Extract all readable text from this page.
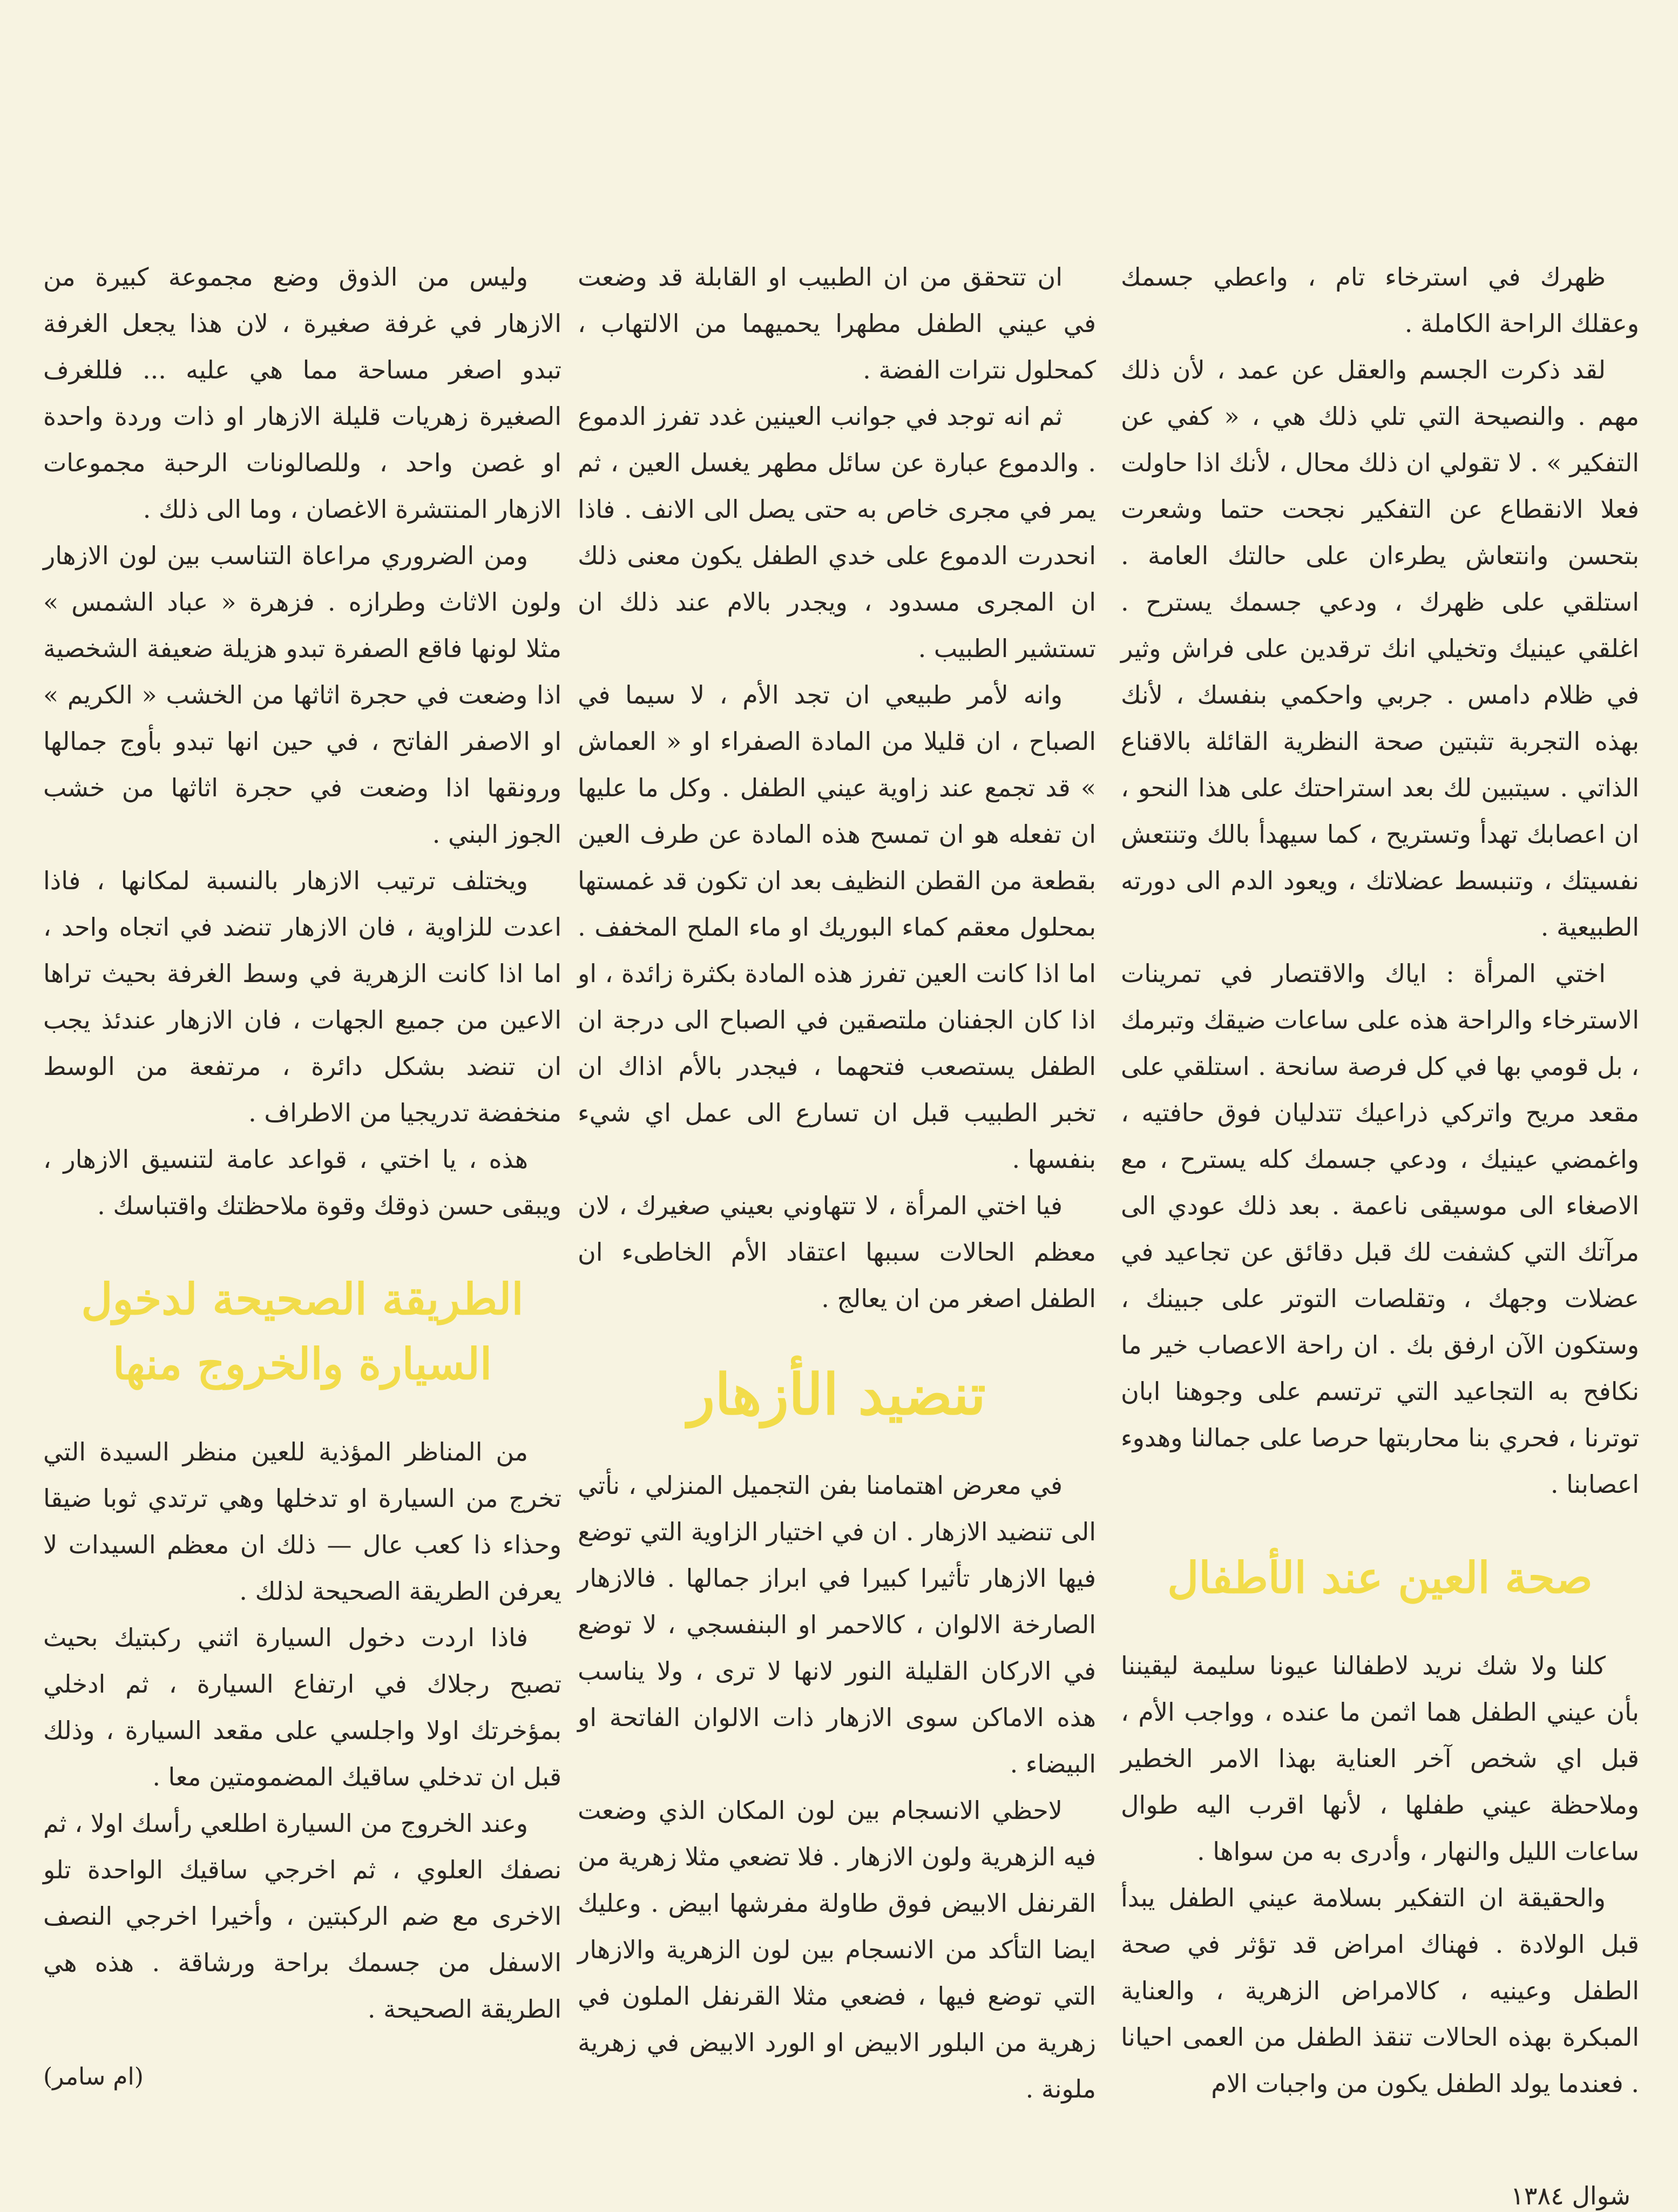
ظهرك في استرخاء تام ، واعطي جسمك وعقلك الراحة الكاملة .

لقد ذكرت الجسم والعقل عن عمد ، لأن ذلك مهم . والنصيحة التي تلي ذلك هي ، « كفي عن التفكير » . لا تقولي ان ذلك محال ، لأنك اذا حاولت فعلا الانقطاع عن التفكير نجحت حتما وشعرت بتحسن وانتعاش يطرءان على حالتك العامة . استلقي على ظهرك ، ودعي جسمك يسترح . اغلقي عينيك وتخيلي انك ترقدين على فراش وثير في ظلام دامس . جربي واحكمي بنفسك ، لأنك بهذه التجربة تثبتين صحة النظرية القائلة بالاقناع الذاتي . سيتبين لك بعد استراحتك على هذا النحو ، ان اعصابك تهدأ وتستريح ، كما سيهدأ بالك وتنتعش نفسيتك ، وتنبسط عضلاتك ، ويعود الدم الى دورته الطبيعية .

اختي المرأة : اياك والاقتصار في تمرينات الاسترخاء والراحة هذه على ساعات ضيقك وتبرمك ، بل قومي بها في كل فرصة سانحة . استلقي على مقعد مريح واتركي ذراعيك تتدليان فوق حافتيه ، واغمضي عينيك ، ودعي جسمك كله يسترح ، مع الاصغاء الى موسيقى ناعمة . بعد ذلك عودي الى مرآتك التي كشفت لك قبل دقائق عن تجاعيد في عضلات وجهك ، وتقلصات التوتر على جبينك ، وستكون الآن ارفق بك . ان راحة الاعصاب خير ما نكافح به التجاعيد التي ترتسم على وجوهنا ابان توترنا ، فحري بنا محاربتها حرصا على جمالنا وهدوء اعصابنا .

صحة العين عند الأطفال

كلنا ولا شك نريد لاطفالنا عيونا سليمة ليقيننا بأن عيني الطفل هما اثمن ما عنده ، وواجب الأم ، قبل اي شخص آخر العناية بهذا الامر الخطير وملاحظة عيني طفلها ، لأنها اقرب اليه طوال ساعات الليل والنهار ، وأدرى به من سواها .

والحقيقة ان التفكير بسلامة عيني الطفل يبدأ قبل الولادة . فهناك امراض قد تؤثر في صحة الطفل وعينيه ، كالامراض الزهرية ، والعناية المبكرة بهذه الحالات تنقذ الطفل من العمى احيانا . فعندما يولد الطفل يكون من واجبات الام

ان تتحقق من ان الطبيب او القابلة قد وضعت في عيني الطفل مطهرا يحميهما من الالتهاب ، كمحلول نترات الفضة .

ثم انه توجد في جوانب العينين غدد تفرز الدموع . والدموع عبارة عن سائل مطهر يغسل العين ، ثم يمر في مجرى خاص به حتى يصل الى الانف . فاذا انحدرت الدموع على خدي الطفل يكون معنى ذلك ان المجرى مسدود ، ويجدر بالام عند ذلك ان تستشير الطبيب .

وانه لأمر طبيعي ان تجد الأم ، لا سيما في الصباح ، ان قليلا من المادة الصفراء او « العماش » قد تجمع عند زاوية عيني الطفل . وكل ما عليها ان تفعله هو ان تمسح هذه المادة عن طرف العين بقطعة من القطن النظيف بعد ان تكون قد غمستها بمحلول معقم كماء البوريك او ماء الملح المخفف . اما اذا كانت العين تفرز هذه المادة بكثرة زائدة ، او اذا كان الجفنان ملتصقين في الصباح الى درجة ان الطفل يستصعب فتحهما ، فيجدر بالأم اذاك ان تخبر الطبيب قبل ان تسارع الى عمل اي شيء بنفسها .

فيا اختي المرأة ، لا تتهاوني بعيني صغيرك ، لان معظم الحالات سببها اعتقاد الأم الخاطىء ان الطفل اصغر من ان يعالج .

تنضيد الأزهار

في معرض اهتمامنا بفن التجميل المنزلي ، نأتي الى تنضيد الازهار . ان في اختيار الزاوية التي توضع فيها الازهار تأثيرا كبيرا في ابراز جمالها . فالازهار الصارخة الالوان ، كالاحمر او البنفسجي ، لا توضع في الاركان القليلة النور لانها لا ترى ، ولا يناسب هذه الاماكن سوى الازهار ذات الالوان الفاتحة او البيضاء .

لاحظي الانسجام بين لون المكان الذي وضعت فيه الزهرية ولون الازهار . فلا تضعي مثلا زهرية من القرنفل الابيض فوق طاولة مفرشها ابيض . وعليك ايضا التأكد من الانسجام بين لون الزهرية والازهار التي توضع فيها ، فضعي مثلا القرنفل الملون في زهرية من البلور الابيض او الورد الابيض في زهرية ملونة .

وليس من الذوق وضع مجموعة كبيرة من الازهار في غرفة صغيرة ، لان هذا يجعل الغرفة تبدو اصغر مساحة مما هي عليه ... فللغرف الصغيرة زهريات قليلة الازهار او ذات وردة واحدة او غصن واحد ، وللصالونات الرحبة مجموعات الازهار المنتشرة الاغصان ، وما الى ذلك .

ومن الضروري مراعاة التناسب بين لون الازهار ولون الاثاث وطرازه . فزهرة « عباد الشمس » مثلا لونها فاقع الصفرة تبدو هزيلة ضعيفة الشخصية اذا وضعت في حجرة اثاثها من الخشب « الكريم » او الاصفر الفاتح ، في حين انها تبدو بأوج جمالها ورونقها اذا وضعت في حجرة اثاثها من خشب الجوز البني .

ويختلف ترتيب الازهار بالنسبة لمكانها ، فاذا اعدت للزاوية ، فان الازهار تنضد في اتجاه واحد ، اما اذا كانت الزهرية في وسط الغرفة بحيث تراها الاعين من جميع الجهات ، فان الازهار عندئذ يجب ان تنضد بشكل دائرة ، مرتفعة من الوسط منخفضة تدريجيا من الاطراف .

هذه ، يا اختي ، قواعد عامة لتنسيق الازهار ، ويبقى حسن ذوقك وقوة ملاحظتك واقتباسك .

الطريقة الصحيحة لدخول السيارة والخروج منها

من المناظر المؤذية للعين منظر السيدة التي تخرج من السيارة او تدخلها وهي ترتدي ثوبا ضيقا وحذاء ذا كعب عال — ذلك ان معظم السيدات لا يعرفن الطريقة الصحيحة لذلك .

فاذا اردت دخول السيارة اثني ركبتيك بحيث تصبح رجلاك في ارتفاع السيارة ، ثم ادخلي بمؤخرتك اولا واجلسي على مقعد السيارة ، وذلك قبل ان تدخلي ساقيك المضمومتين معا .

وعند الخروج من السيارة اطلعي رأسك اولا ، ثم نصفك العلوي ، ثم اخرجي ساقيك الواحدة تلو الاخرى مع ضم الركبتين ، وأخيرا اخرجي النصف الاسفل من جسمك براحة ورشاقة . هذه هي الطريقة الصحيحة .

(ام سامر)
شوال ١٣٨٤
